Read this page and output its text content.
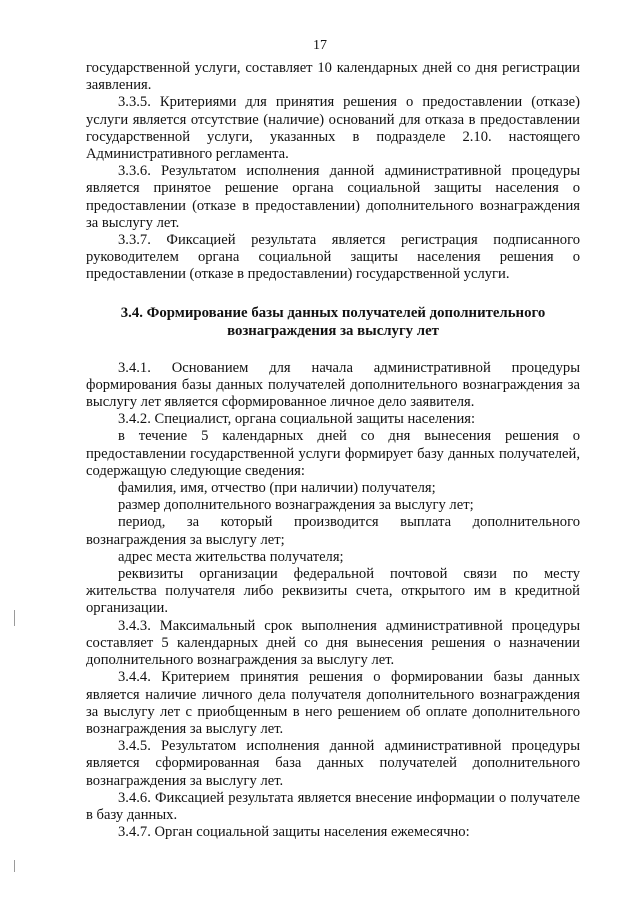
17

государственной услуги, составляет 10 календарных дней со дня регистрации заявления.

3.3.5. Критериями для принятия решения о предоставлении (отказе) услуги является отсутствие (наличие) оснований для отказа в предоставлении государственной услуги, указанных в подразделе 2.10. настоящего Административного регламента.

3.3.6. Результатом исполнения данной административной процедуры является принятое решение органа социальной защиты населения о предоставлении (отказе в предоставлении) дополнительного вознаграждения за выслугу лет.

3.3.7. Фиксацией результата является регистрация подписанного руководителем органа социальной защиты населения решения о предоставлении (отказе в предоставлении) государственной услуги.

3.4. Формирование базы данных получателей дополнительного
вознаграждения за выслугу лет

3.4.1. Основанием для начала административной процедуры формирования базы данных получателей дополнительного вознаграждения за выслугу лет является сформированное личное дело заявителя.

3.4.2. Специалист, органа социальной защиты населения:

в течение 5 календарных дней со дня вынесения решения о предоставлении государственной услуги формирует базу данных получателей, содержащую следующие сведения:

фамилия, имя, отчество (при наличии) получателя;

размер дополнительного вознаграждения за выслугу лет;

период, за который производится выплата дополнительного вознаграждения за выслугу лет;

адрес места жительства получателя;

реквизиты организации федеральной почтовой связи по месту жительства получателя либо реквизиты счета, открытого им в кредитной организации.

3.4.3. Максимальный срок выполнения административной процедуры составляет 5 календарных дней со дня вынесения решения о назначении дополнительного вознаграждения за выслугу лет.

3.4.4. Критерием принятия решения о формировании базы данных является наличие личного дела получателя дополнительного вознаграждения за выслугу лет с приобщенным в него решением об оплате дополнительного вознаграждения за выслугу лет.

3.4.5. Результатом исполнения данной административной процедуры является сформированная база данных получателей дополнительного вознаграждения за выслугу лет.

3.4.6. Фиксацией результата является внесение информации о получателе в базу данных.

3.4.7. Орган социальной защиты населения ежемесячно:
